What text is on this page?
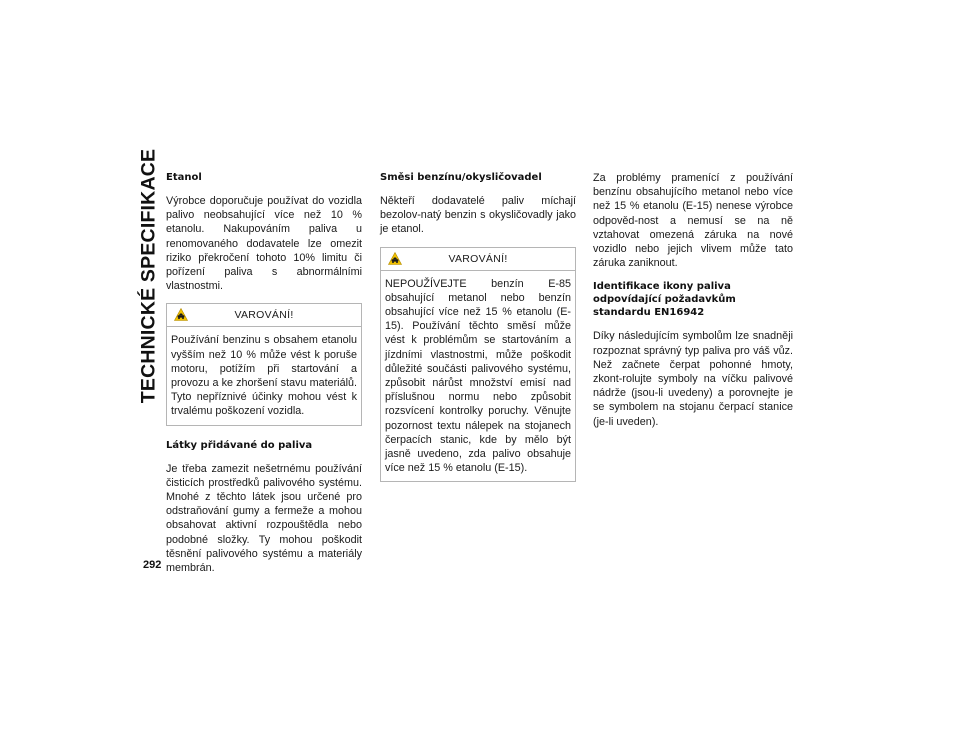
TECHNICKÉ SPECIFIKACE
292
Etanol

Výrobce doporučuje používat do vozidla palivo neobsahující více než 10 % etanolu. Nakupováním paliva u renomovaného dodavatele lze omezit riziko překročení tohoto 10% limitu či pořízení paliva s abnormálními vlastnostmi.

VAROVÁNÍ!
Používání benzinu s obsahem etanolu vyšším než 10 % může vést k poruše motoru, potížím při startování a provozu a ke zhoršení stavu materiálů. Tyto nepříznivé účinky mohou vést k trvalému poškození vozidla.
Látky přidávané do paliva

Je třeba zamezit nešetrnému používání čisticích prostředků palivového systému. Mnohé z těchto látek jsou určené pro odstraňování gumy a fermeže a mohou obsahovat aktivní rozpouštědla nebo podobné složky. Ty mohou poškodit těsnění palivového systému a materiály membrán.

Směsi benzínu/okysličovadel

Někteří dodavatelé paliv míchají bezolov-natý benzin s okysličovadly jako je etanol.

VAROVÁNÍ!
NEPOUŽÍVEJTE benzín E-85 obsahující metanol nebo benzín obsahující více než 15 % etanolu (E-15). Používání těchto směsí může vést k problémům se startováním a jízdními vlastnostmi, může poškodit důležité součásti palivového systému, způsobit nárůst množství emisí nad příslušnou normu nebo způsobit rozsvícení kontrolky poruchy. Věnujte pozornost textu nálepek na stojanech čerpacích stanic, kde by mělo být jasně uvedeno, zda palivo obsahuje více než 15 % etanolu (E-15).

Za problémy pramenící z používání benzínu obsahujícího metanol nebo více než 15 % etanolu (E-15) nenese výrobce odpověd-nost a nemusí se na ně vztahovat omezená záruka na nové vozidlo nebo jejich vlivem může tato záruka zaniknout.

Identifikace ikony paliva odpovídající požadavkům standardu EN16942

Díky následujícím symbolům lze snadněji rozpoznat správný typ paliva pro váš vůz. Než začnete čerpat pohonné hmoty, zkont-rolujte symboly na víčku palivové nádrže (jsou-li uvedeny) a porovnejte je se symbolem na stojanu čerpací stanice (je-li uveden).
